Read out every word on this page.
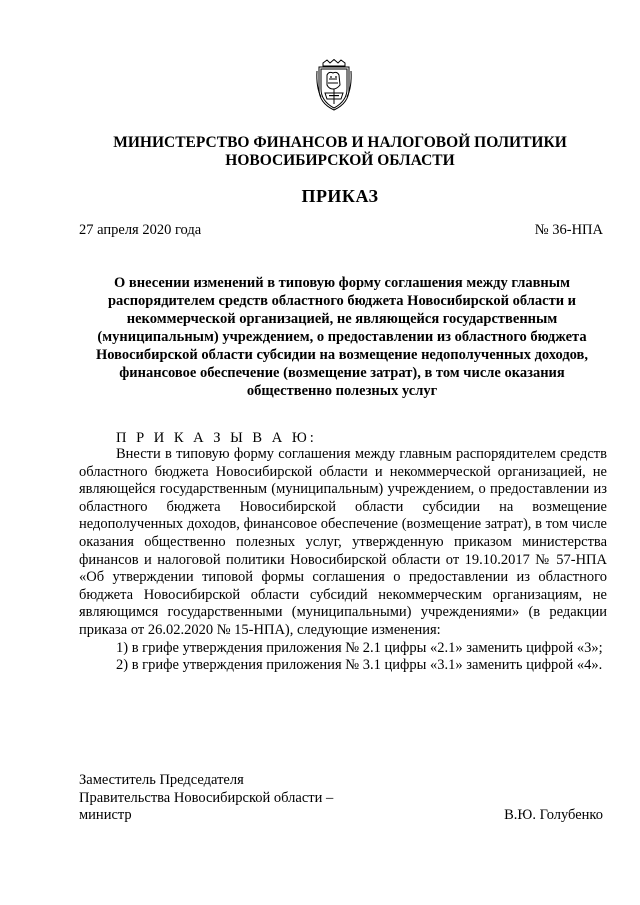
МИНИСТЕРСТВО ФИНАНСОВ И НАЛОГОВОЙ ПОЛИТИКИ
НОВОСИБИРСКОЙ ОБЛАСТИ
ПРИКАЗ
27 апреля 2020 года	№ 36-НПА
О внесении изменений в типовую форму соглашения между главным
распорядителем средств областного бюджета Новосибирской области и
некоммерческой организацией, не являющейся государственным
(муниципальным) учреждением, о предоставлении из областного бюджета
Новосибирской области субсидии на возмещение недополученных доходов,
финансовое обеспечение (возмещение затрат), в том числе оказания
общественно полезных услуг
П Р И К А З Ы В А Ю:

Внести в типовую форму соглашения между главным распорядителем средств областного бюджета Новосибирской области и некоммерческой организацией, не являющейся государственным (муниципальным) учреждением, о предоставлении из областного бюджета Новосибирской области субсидии на возмещение недополученных доходов, финансовое обеспечение (возмещение затрат), в том числе оказания общественно полезных услуг, утвержденную приказом министерства финансов и налоговой политики Новосибирской области от 19.10.2017 № 57-НПА «Об утверждении типовой формы соглашения о предоставлении из областного бюджета Новосибирской области субсидий некоммерческим организациям, не являющимся государственными (муниципальными) учреждениями» (в редакции приказа от 26.02.2020 № 15-НПА), следующие изменения:

1) в грифе утверждения приложения № 2.1 цифры «2.1» заменить цифрой «3»;

2) в грифе утверждения приложения № 3.1 цифры «3.1» заменить цифрой «4».

Заместитель Председателя
Правительства Новосибирской области –
министр	В.Ю. Голубенко
